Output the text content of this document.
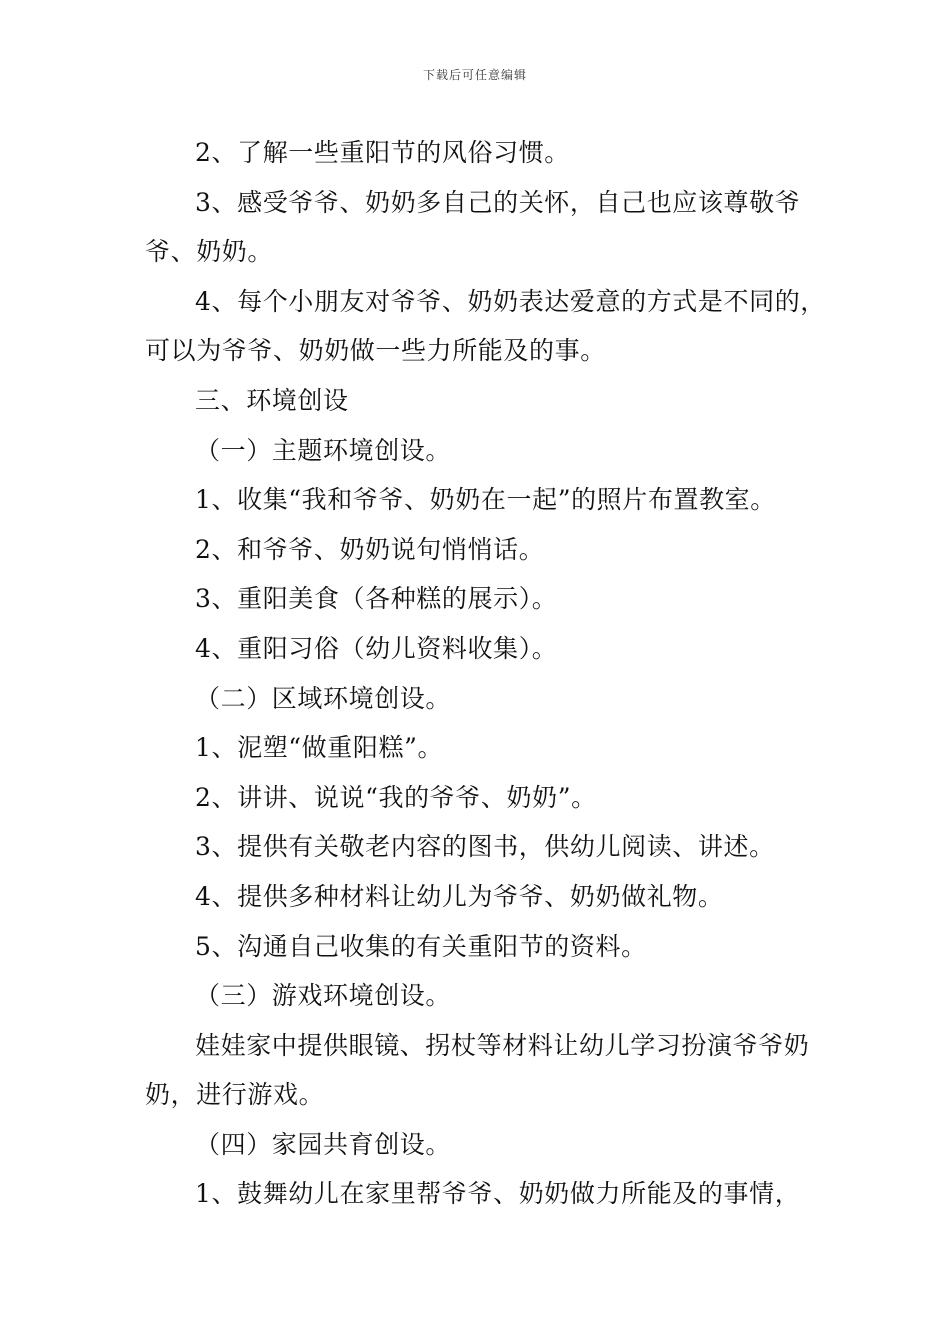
下载后可任意编辑

2、了解一些重阳节的风俗习惯。

3、感受爷爷、奶奶多自己的关怀，自己也应该尊敬爷爷、奶奶。

4、每个小朋友对爷爷、奶奶表达爱意的方式是不同的，可以为爷爷、奶奶做一些力所能及的事。

三、环境创设

（一）主题环境创设。

1、收集“我和爷爷、奶奶在一起”的照片布置教室。

2、和爷爷、奶奶说句悄悄话。

3、重阳美食（各种糕的展示）。

4、重阳习俗（幼儿资料收集）。

（二）区域环境创设。

1、泥塑“做重阳糕”。

2、讲讲、说说“我的爷爷、奶奶”。

3、提供有关敬老内容的图书，供幼儿阅读、讲述。

4、提供多种材料让幼儿为爷爷、奶奶做礼物。

5、沟通自己收集的有关重阳节的资料。

（三）游戏环境创设。

娃娃家中提供眼镜、拐杖等材料让幼儿学习扮演爷爷奶奶，进行游戏。

（四）家园共育创设。

1、鼓舞幼儿在家里帮爷爷、奶奶做力所能及的事情，
